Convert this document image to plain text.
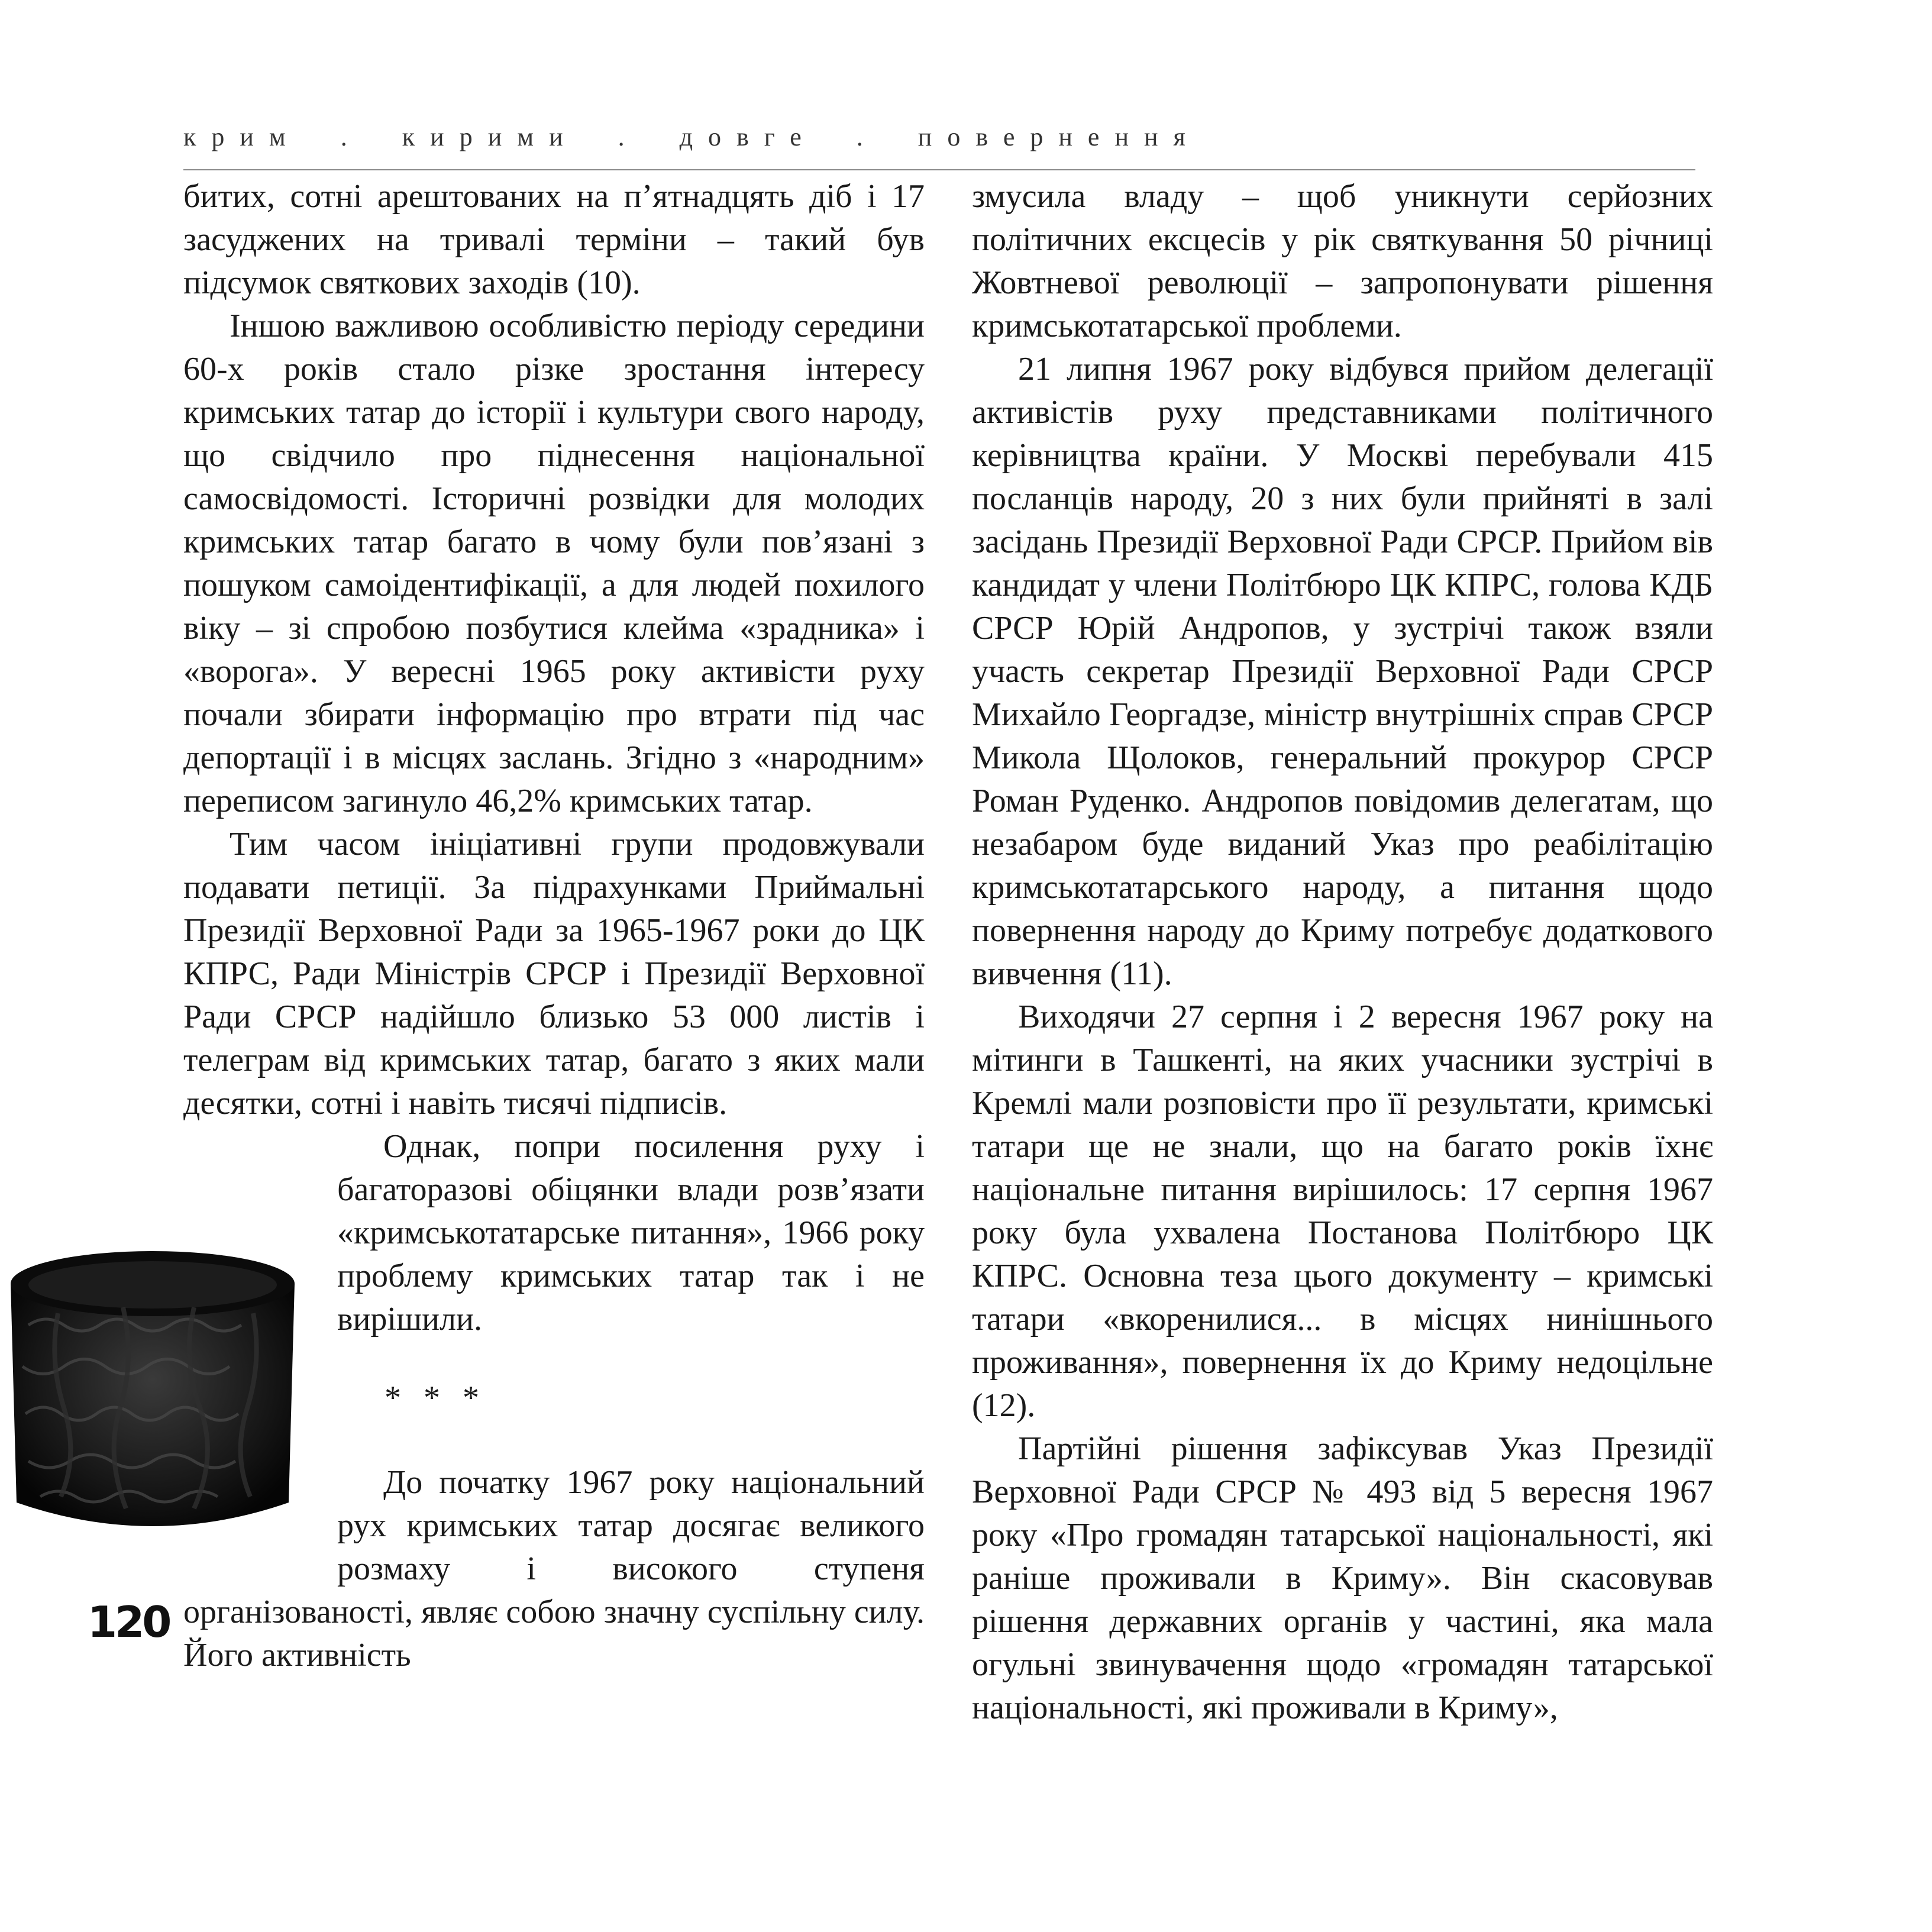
крим . кирими . довге . повернення

битих, сотні арештованих на п’ятнадцять діб і 17 засуджених на тривалі терміни – такий був підсумок святкових заходів (10).

Іншою важливою особливістю періоду середини 60-х років стало різке зростання інтересу кримських татар до історії і культури свого народу, що свідчило про піднесення національної самосвідомості. Історичні розвідки для молодих кримських татар багато в чому були пов’язані з пошуком самоідентифікації, а для людей похилого віку – зі спробою позбутися клейма «зрадника» і «ворога». У вересні 1965 року активісти руху почали збирати інформацію про втрати під час депортації і в місцях заслань. Згідно з «народним» переписом загинуло 46,2% кримських татар.

Тим часом ініціативні групи продовжували подавати петиції. За підрахунками Приймальні Президії Верховної Ради за 1965-1967 роки до ЦК КПРС, Ради Міністрів СРСР і Президії Верховної Ради СРСР надійшло близько 53 000 листів і телеграм від кримських татар, багато з яких мали десятки, сотні і навіть тисячі підписів.

Однак, попри посилення руху і багаторазові обіцянки влади розв’язати «кримськотатарське питання», 1966 року проблему кримських татар так і не вирішили.

* * *

До початку 1967 року національний рух кримських татар досягає великого розмаху і високого ступеня організованості, являє собою значну суспільну силу. Його активність

змусила владу – щоб уникнути серйозних політичних ексцесів у рік святкування 50 річниці Жовтневої революції – запропонувати рішення кримськотатарської проблеми.

21 липня 1967 року відбувся прийом делегації активістів руху представниками політичного керівництва країни. У Москві перебували 415 посланців народу, 20 з них були прийняті в залі засідань Президії Верховної Ради СРСР. Прийом вів кандидат у члени Політбюро ЦК КПРС, голова КДБ СРСР Юрій Андропов, у зустрічі також взяли участь секретар Президії Верховної Ради СРСР Михайло Георгадзе, міністр внутрішніх справ СРСР Микола Щолоков, генеральний прокурор СРСР Роман Руденко. Андропов повідомив делегатам, що незабаром буде виданий Указ про реабілітацію кримськотатарського народу, а питання щодо повернення народу до Криму потребує додаткового вивчення (11).

Виходячи 27 серпня і 2 вересня 1967 року на мітинги в Ташкенті, на яких учасники зустрічі в Кремлі мали розповісти про її результати, кримські татари ще не знали, що на багато років їхнє національне питання вирішилось: 17 серпня 1967 року була ухвалена Постанова Політбюро ЦК КПРС. Основна теза цього документу – кримські татари «вкоренилися... в місцях нинішнього проживання», повернення їх до Криму недоцільне (12).

Партійні рішення зафіксував Указ Президії Верховної Ради СРСР № 493 від 5 вересня 1967 року «Про громадян татарської національності, які раніше проживали в Криму». Він скасовував рішення державних органів у частині, яка мала огульні звинувачення щодо «громадян татарської національності, які проживали в Криму»,

120
